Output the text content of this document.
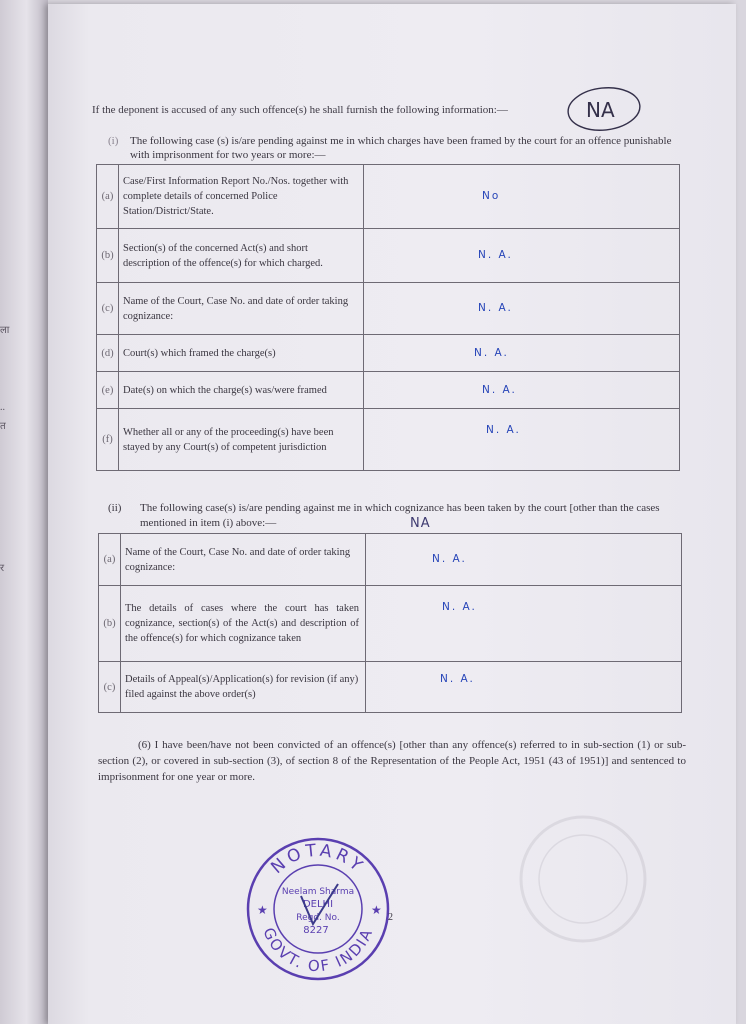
ला
..
त
र
If the deponent is accused of any such offence(s) he shall furnish the following information:—	NA
(i) The following case (s) is/are pending against me in which charges have been framed by the court for an offence punishable with imprisonment for two years or more:—
(a)	Case/First Information Report No./Nos. together with complete details of concerned Police Station/District/State.	No
(b)	Section(s) of the concerned Act(s) and short description of the offence(s) for which charged.	N. A.
(c)	Name of the Court, Case No. and date of order taking cognizance:	N. A.
(d)	Court(s) which framed the charge(s)	N. A.
(e)	Date(s) on which the charge(s) was/were framed	N. A.
(f)	Whether all or any of the proceeding(s) have been stayed by any Court(s) of competent jurisdiction	N. A.
(ii) The following case(s) is/are pending against me in which cognizance has been taken by the court [other than the cases mentioned in item (i) above:—	NA
(a)	Name of the Court, Case No. and date of order taking cognizance:	N. A.
(b)	The details of cases where the court has taken cognizance, section(s) of the Act(s) and description of the offence(s) for which cognizance taken	N. A.
(c)	Details of Appeal(s)/Application(s) for revision (if any) filed against the above order(s)	N. A.
(6) I have been/have not been convicted of an offence(s) [other than any offence(s) referred to in sub-section (1) or sub-section (2), or covered in sub-section (3), of section 8 of the Representation of the People Act, 1951 (43 of 1951)] and sentenced to imprisonment for one year or more.
NOTARY
GOVT. OF INDIA
★	★
Neelam Sharma
DELHI
Regd. No.
8227
2
